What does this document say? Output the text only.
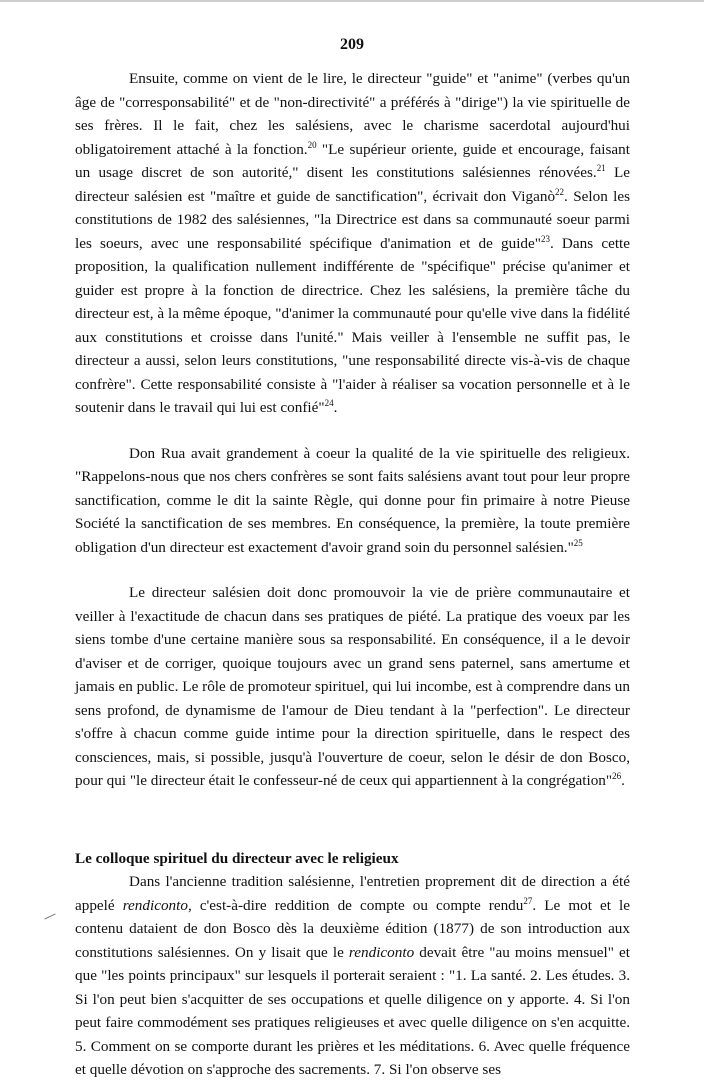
209

Ensuite, comme on vient de le lire, le directeur "guide" et "anime" (verbes qu'un âge de "corresponsabilité" et de "non-directivité" a préférés à "dirige") la vie spirituelle de ses frères. Il le fait, chez les salésiens, avec le charisme sacerdotal aujourd'hui obligatoirement attaché à la fonction.$^{20}$ "Le supérieur oriente, guide et encourage, faisant un usage discret de son autorité," disent les constitutions salésiennes rénovées.$^{21}$ Le directeur salésien est "maître et guide de sanctification", écrivait don Viganò$^{22}$. Selon les constitutions de 1982 des salésiennes, "la Directrice est dans sa communauté soeur parmi les soeurs, avec une responsabilité spécifique d'animation et de guide"$^{23}$. Dans cette proposition, la qualification nullement indifférente de "spécifique" précise qu'animer et guider est propre à la fonction de directrice. Chez les salésiens, la première tâche du directeur est, à la même époque, "d'animer la communauté pour qu'elle vive dans la fidélité aux constitutions et croisse dans l'unité." Mais veiller à l'ensemble ne suffit pas, le directeur a aussi, selon leurs constitutions, "une responsabilité directe vis-à-vis de chaque confrère". Cette responsabilité consiste à "l'aider à réaliser sa vocation personnelle et à le soutenir dans le travail qui lui est confié"$^{24}$.

Don Rua avait grandement à coeur la qualité de la vie spirituelle des religieux. "Rappelons-nous que nos chers confrères se sont faits salésiens avant tout pour leur propre sanctification, comme le dit la sainte Règle, qui donne pour fin primaire à notre Pieuse Société la sanctification de ses membres. En conséquence, la première, la toute première obligation d'un directeur est exactement d'avoir grand soin du personnel salésien."$^{25}$

Le directeur salésien doit donc promouvoir la vie de prière communautaire et veiller à l'exactitude de chacun dans ses pratiques de piété. La pratique des voeux par les siens tombe d'une certaine manière sous sa responsabilité. En conséquence, il a le devoir d'aviser et de corriger, quoique toujours avec un grand sens paternel, sans amertume et jamais en public. Le rôle de promoteur spirituel, qui lui incombe, est à comprendre dans un sens profond, de dynamisme de l'amour de Dieu tendant à la "perfection". Le directeur s'offre à chacun comme guide intime pour la direction spirituelle, dans le respect des consciences, mais, si possible, jusqu'à l'ouverture de coeur, selon le désir de don Bosco, pour qui "le directeur était le confesseur-né de ceux qui appartiennent à la congrégation"$^{26}$.

Le colloque spirituel du directeur avec le religieux

Dans l'ancienne tradition salésienne, l'entretien proprement dit de direction a été appelé rendiconto, c'est-à-dire reddition de compte ou compte rendu$^{27}$. Le mot et le contenu dataient de don Bosco dès la deuxième édition (1877) de son introduction aux constitutions salésiennes. On y lisait que le rendiconto devait être "au moins mensuel" et que "les points principaux" sur lesquels il porterait seraient : "1. La santé. 2. Les études. 3. Si l'on peut bien s'acquitter de ses occupations et quelle diligence on y apporte. 4. Si l'on peut faire commodément ses pratiques religieuses et avec quelle diligence on s'en acquitte. 5. Comment on se comporte durant les prières et les méditations. 6. Avec quelle fréquence et quelle dévotion on s'approche des sacrements. 7. Si l'on observe ses
